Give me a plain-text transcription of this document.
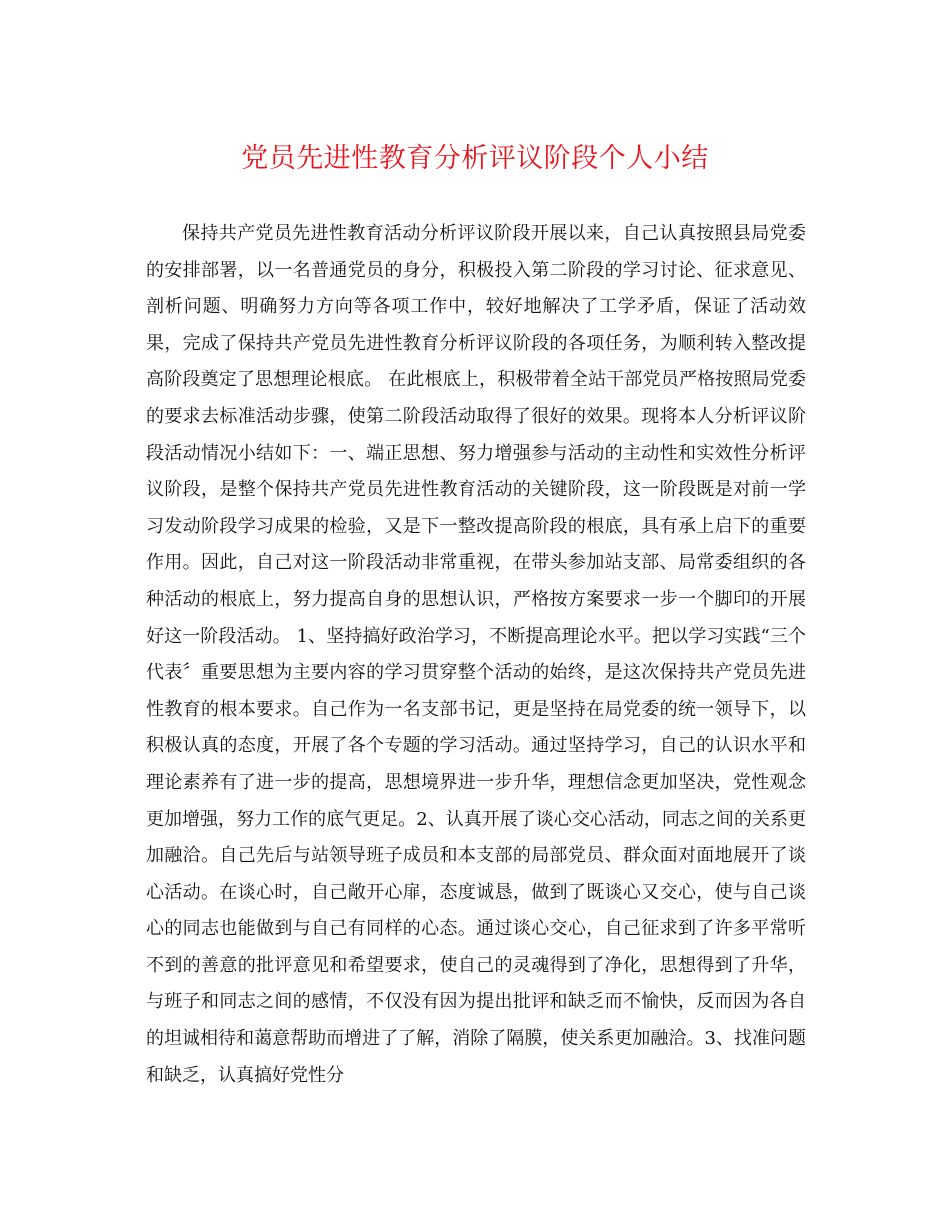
党员先进性教育分析评议阶段个人小结

保持共产党员先进性教育活动分析评议阶段开展以来，自己认真按照县局党委的安排部署，以一名普通党员的身分，积极投入第二阶段的学习讨论、征求意见、剖析问题、明确努力方向等各项工作中，较好地解决了工学矛盾，保证了活动效果，完成了保持共产党员先进性教育分析评议阶段的各项任务，为顺利转入整改提高阶段奠定了思想理论根底。 在此根底上，积极带着全站干部党员严格按照局党委的要求去标准活动步骤，使第二阶段活动取得了很好的效果。现将本人分析评议阶段活动情况小结如下：一、端正思想、努力增强参与活动的主动性和实效性分析评议阶段，是整个保持共产党员先进性教育活动的关键阶段，这一阶段既是对前一学习发动阶段学习成果的检验，又是下一整改提高阶段的根底，具有承上启下的重要作用。因此，自己对这一阶段活动非常重视，在带头参加站支部、局常委组织的各种活动的根底上，努力提高自身的思想认识，严格按方案要求一步一个脚印的开展好这一阶段活动。 1、坚持搞好政治学习，不断提高理论水平。把以学习实践“三个代表〞重要思想为主要内容的学习贯穿整个活动的始终，是这次保持共产党员先进性教育的根本要求。自己作为一名支部书记，更是坚持在局党委的统一领导下，以积极认真的态度，开展了各个专题的学习活动。通过坚持学习，自己的认识水平和理论素养有了进一步的提高，思想境界进一步升华，理想信念更加坚决，党性观念更加增强，努力工作的底气更足。2、认真开展了谈心交心活动，同志之间的关系更加融洽。自己先后与站领导班子成员和本支部的局部党员、群众面对面地展开了谈心活动。在谈心时，自己敞开心扉，态度诚恳，做到了既谈心又交心，使与自己谈心的同志也能做到与自己有同样的心态。通过谈心交心，自己征求到了许多平常听不到的善意的批评意见和希望要求，使自己的灵魂得到了净化，思想得到了升华，与班子和同志之间的感情，不仅没有因为提出批评和缺乏而不愉快，反而因为各自的坦诚相待和蔼意帮助而增进了了解，消除了隔膜，使关系更加融洽。3、找准问题和缺乏，认真搞好党性分
